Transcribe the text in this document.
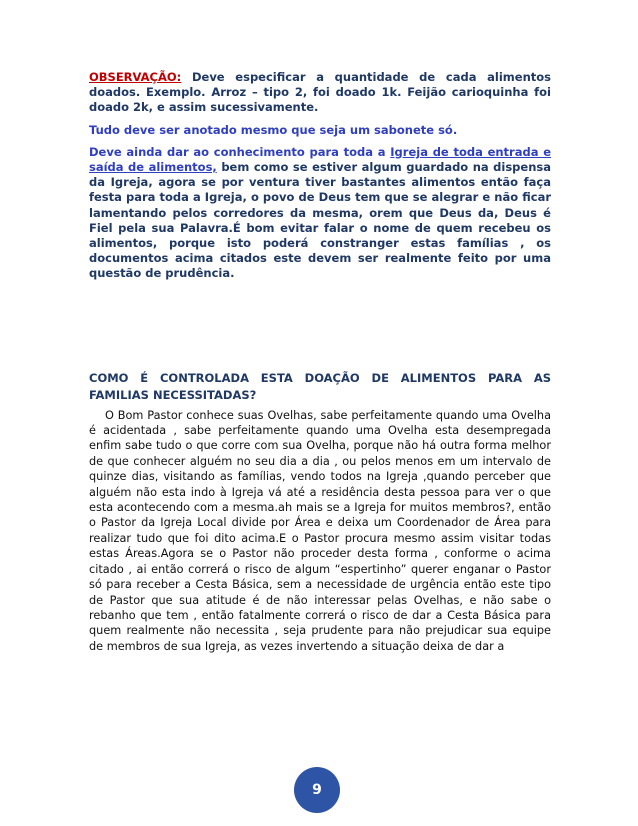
OBSERVAÇÃO: Deve especificar a quantidade de cada alimentos doados. Exemplo. Arroz – tipo 2, foi doado 1k. Feijão carioquinha foi doado 2k, e assim sucessivamente.

Tudo deve ser anotado mesmo que seja um sabonete só.

Deve ainda dar ao conhecimento para toda a Igreja de toda entrada e saída de alimentos, bem como se estiver algum guardado na dispensa da Igreja, agora se por ventura tiver bastantes alimentos então faça festa para toda a Igreja, o povo de Deus tem que se alegrar e não ficar lamentando pelos corredores da mesma, orem que Deus da, Deus é Fiel pela sua Palavra.É bom evitar falar o nome de quem recebeu os alimentos, porque isto poderá constranger estas famílias , os documentos acima citados este devem ser realmente feito por uma questão de prudência.

COMO É CONTROLADA ESTA DOAÇÃO DE ALIMENTOS PARA AS FAMILIAS NECESSITADAS?

O Bom Pastor conhece suas Ovelhas, sabe perfeitamente quando uma Ovelha é acidentada , sabe perfeitamente quando uma Ovelha esta desempregada enfim sabe tudo o que corre com sua Ovelha, porque não há outra forma melhor de que conhecer alguém no seu dia a dia , ou pelos menos em um intervalo de quinze dias, visitando as famílias, vendo todos na Igreja ,quando perceber que alguém não esta indo à Igreja vá até a residência desta pessoa para ver o que esta acontecendo com a mesma.ah mais se a Igreja for muitos membros?, então o Pastor da Igreja Local divide por Área e deixa um Coordenador de Área para realizar tudo que foi dito acima.E o Pastor procura mesmo assim visitar todas estas Áreas.Agora se o Pastor não proceder desta forma , conforme o acima citado , ai então correrá o risco de algum “espertinho” querer enganar o Pastor só para receber a Cesta Básica, sem a necessidade de urgência então este tipo de Pastor que sua atitude é de não interessar pelas Ovelhas, e não sabe o rebanho que tem , então fatalmente correrá o risco de dar a Cesta Básica para quem realmente não necessita , seja prudente para não prejudicar sua equipe de membros de sua Igreja, as vezes invertendo a situação deixa de dar a

9
